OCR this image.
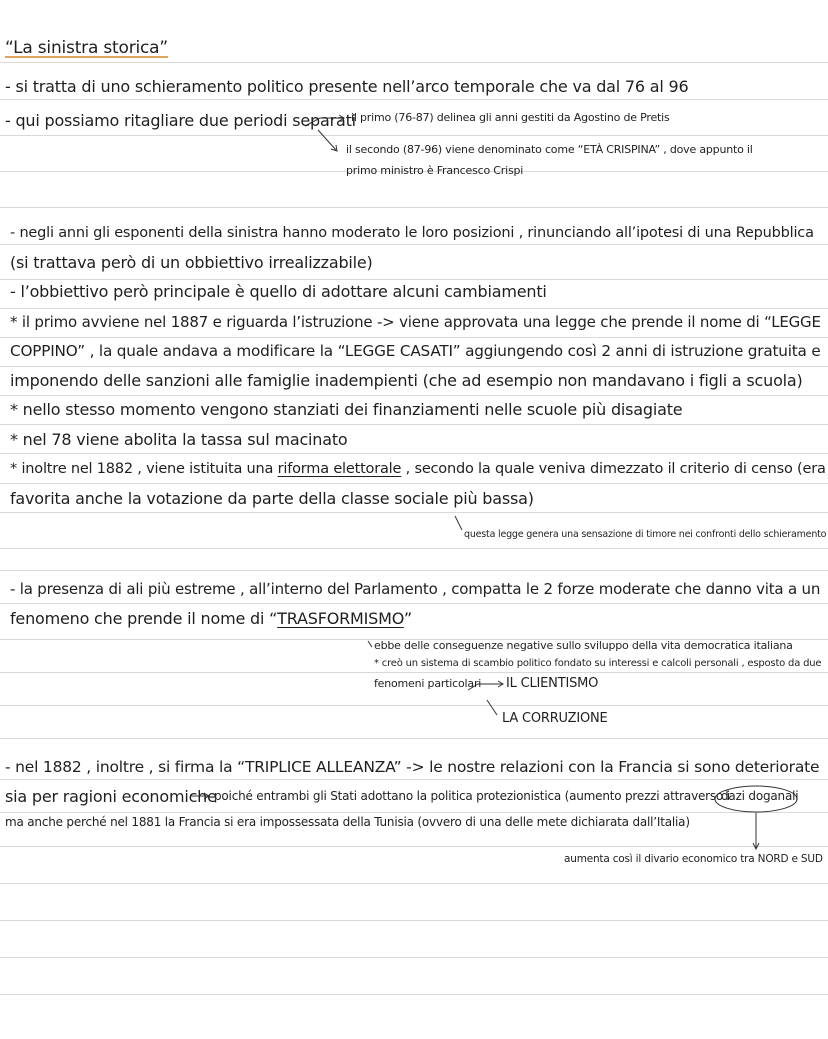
“La sinistra storica”
- si tratta di uno schieramento politico presente nell’arco temporale che va dal 76 al 96
- qui possiamo ritagliare due periodi separati
il primo (76-87) delinea gli anni gestiti da Agostino de Pretis
il secondo (87-96) viene denominato come “ETÀ CRISPINA” , dove appunto il
primo ministro è Francesco Crispi
- negli anni gli esponenti della sinistra hanno moderato le loro posizioni , rinunciando all’ipotesi di una Repubblica
(si trattava però di un obbiettivo irrealizzabile)
- l’obbiettivo però principale è quello di adottare alcuni cambiamenti
* il primo avviene nel 1887 e riguarda l’istruzione -> viene approvata una legge che prende il nome di “LEGGE
COPPINO” , la quale andava a modificare la “LEGGE CASATI” aggiungendo così 2 anni di istruzione gratuita e
imponendo delle sanzioni alle famiglie inadempienti (che ad esempio non mandavano i figli a scuola)
* nello stesso momento vengono stanziati dei finanziamenti nelle scuole più disagiate
* nel 78 viene abolita la tassa sul macinato
* inoltre nel 1882 , viene istituita una riforma elettorale , secondo la quale veniva dimezzato il criterio di censo (era
favorita anche la votazione da parte della classe sociale più bassa)
questa legge genera una sensazione di timore nei confronti dello schieramento
- la presenza di ali più estreme , all’interno del Parlamento , compatta le 2 forze moderate che danno vita a un
fenomeno che prende il nome di “TRASFORMISMO”
ebbe delle conseguenze negative sullo sviluppo della vita democratica italiana
* creò un sistema di scambio politico fondato su interessi e calcoli personali , esposto da due
fenomeni particolari IL CLIENTISMO
LA CORRUZIONE
- nel 1882 , inoltre , si firma la “TRIPLICE ALLEANZA” -> le nostre relazioni con la Francia si sono deteriorate
sia per ragioni economiche
poiché entrambi gli Stati adottano la politica protezionistica (aumento prezzi attraverso i
dazi doganali
ma anche perché nel 1881 la Francia si era impossessata della Tunisia (ovvero di una delle mete dichiarata dall’Italia)
aumenta così il divario economico tra NORD e SUD
